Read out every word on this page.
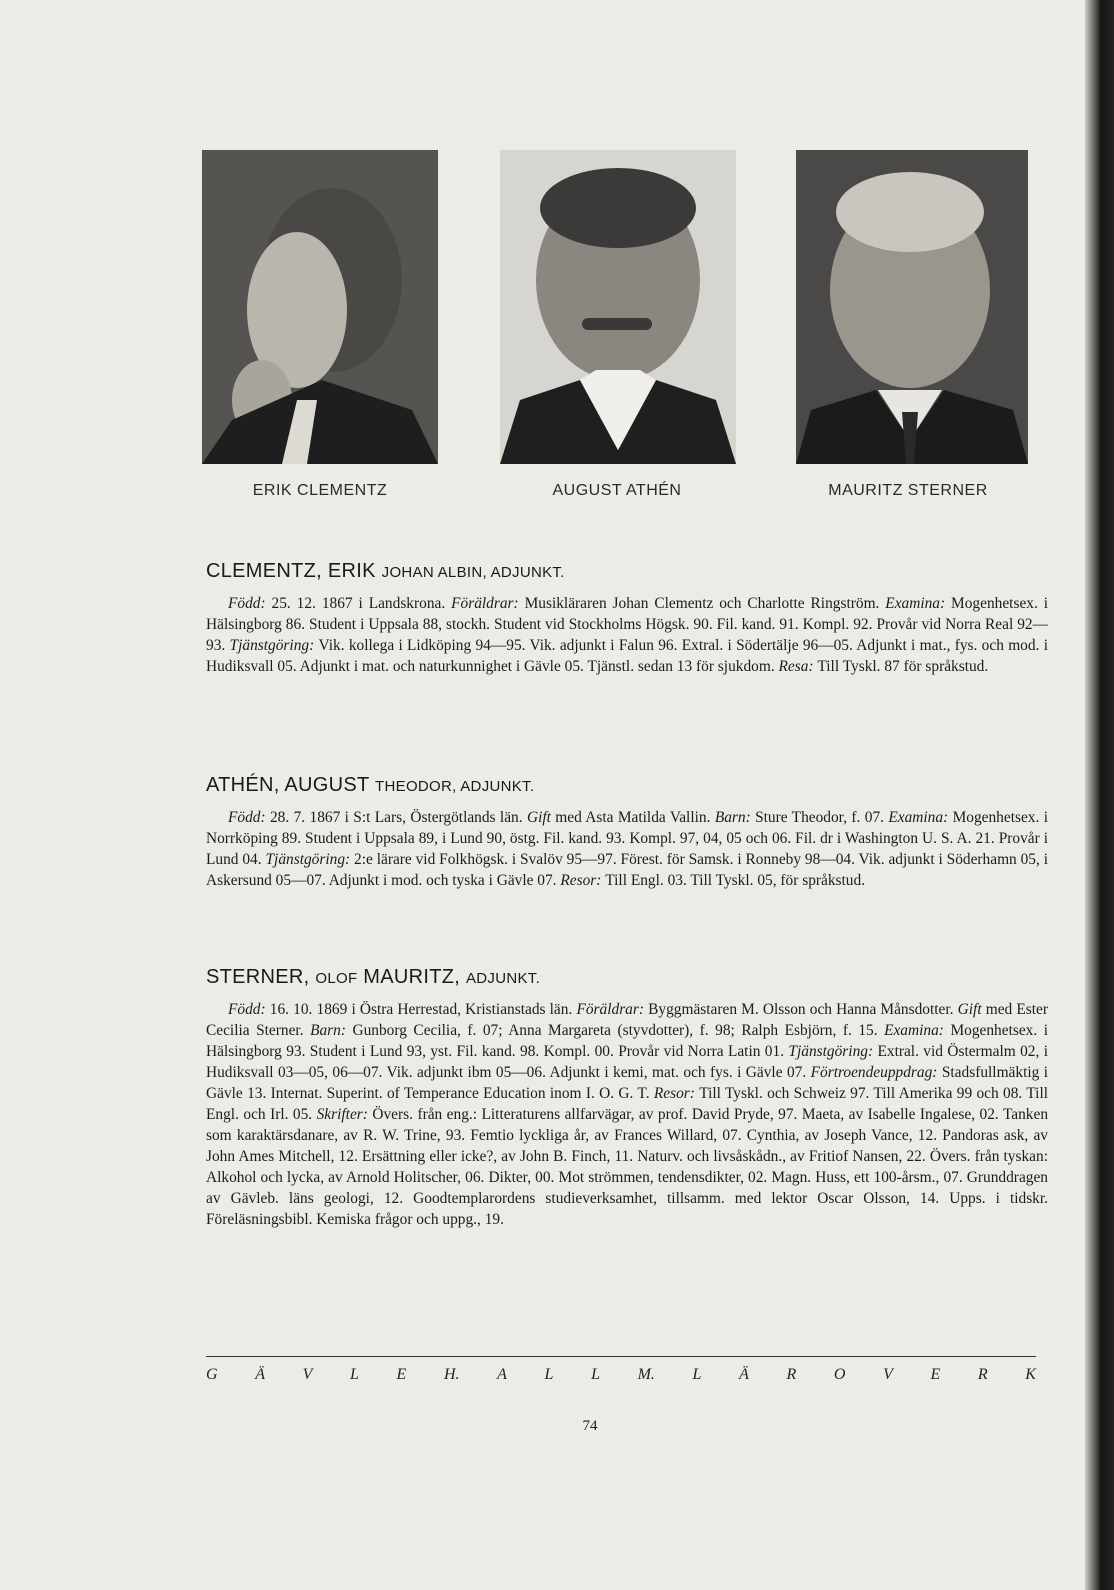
ERIK CLEMENTZ	AUGUST ATHÉN	MAURITZ STERNER
CLEMENTZ, ERIK JOHAN ALBIN, ADJUNKT.

Född: 25. 12. 1867 i Landskrona. Föräldrar: Musikläraren Johan Clementz och Charlotte Ringström. Examina: Mogenhetsex. i Hälsingborg 86. Student i Uppsala 88, stockh. Student vid Stockholms Högsk. 90. Fil. kand. 91. Kompl. 92. Provår vid Norra Real 92—93. Tjänstgöring: Vik. kollega i Lidköping 94—95. Vik. adjunkt i Falun 96. Extral. i Södertälje 96—05. Adjunkt i mat., fys. och mod. i Hudiksvall 05. Adjunkt i mat. och naturkunnighet i Gävle 05. Tjänstl. sedan 13 för sjukdom. Resa: Till Tyskl. 87 för språkstud.

ATHÉN, AUGUST THEODOR, ADJUNKT.

Född: 28. 7. 1867 i S:t Lars, Östergötlands län. Gift med Asta Matilda Vallin. Barn: Sture Theodor, f. 07. Examina: Mogenhetsex. i Norrköping 89. Student i Uppsala 89, i Lund 90, östg. Fil. kand. 93. Kompl. 97, 04, 05 och 06. Fil. dr i Washington U. S. A. 21. Provår i Lund 04. Tjänstgöring: 2:e lärare vid Folkhögsk. i Svalöv 95—97. Förest. för Samsk. i Ronneby 98—04. Vik. adjunkt i Söderhamn 05, i Askersund 05—07. Adjunkt i mod. och tyska i Gävle 07. Resor: Till Engl. 03. Till Tyskl. 05, för språkstud.

STERNER, OLOF MAURITZ, ADJUNKT.

Född: 16. 10. 1869 i Östra Herrestad, Kristianstads län. Föräldrar: Byggmästaren M. Olsson och Hanna Månsdotter. Gift med Ester Cecilia Sterner. Barn: Gunborg Cecilia, f. 07; Anna Margareta (styvdotter), f. 98; Ralph Esbjörn, f. 15. Examina: Mogenhetsex. i Hälsingborg 93. Student i Lund 93, yst. Fil. kand. 98. Kompl. 00. Provår vid Norra Latin 01. Tjänstgöring: Extral. vid Östermalm 02, i Hudiksvall 03—05, 06—07. Vik. adjunkt ibm 05—06. Adjunkt i kemi, mat. och fys. i Gävle 07. Förtroendeuppdrag: Stadsfullmäktig i Gävle 13. Internat. Superint. of Temperance Education inom I. O. G. T. Resor: Till Tyskl. och Schweiz 97. Till Amerika 99 och 08. Till Engl. och Irl. 05. Skrifter: Övers. från eng.: Litteraturens allfarvägar, av prof. David Pryde, 97. Maeta, av Isabelle Ingalese, 02. Tanken som karaktärsdanare, av R. W. Trine, 93. Femtio lyckliga år, av Frances Willard, 07. Cynthia, av Joseph Vance, 12. Pandoras ask, av John Ames Mitchell, 12. Ersättning eller icke?, av John B. Finch, 11. Naturv. och livsåskådn., av Fritiof Nansen, 22. Övers. från tyskan: Alkohol och lycka, av Arnold Holitscher, 06. Dikter, 00. Mot strömmen, tendensdikter, 02. Magn. Huss, ett 100-årsm., 07. Grunddragen av Gävleb. läns geologi, 12. Goodtemplarordens studieverksamhet, tillsamm. med lektor Oscar Olsson, 14. Upps. i tidskr. Föreläsningsbibl. Kemiska frågor och uppg., 19.

G Ä V L E H. A L L M. L Ä R O V E R K
74
